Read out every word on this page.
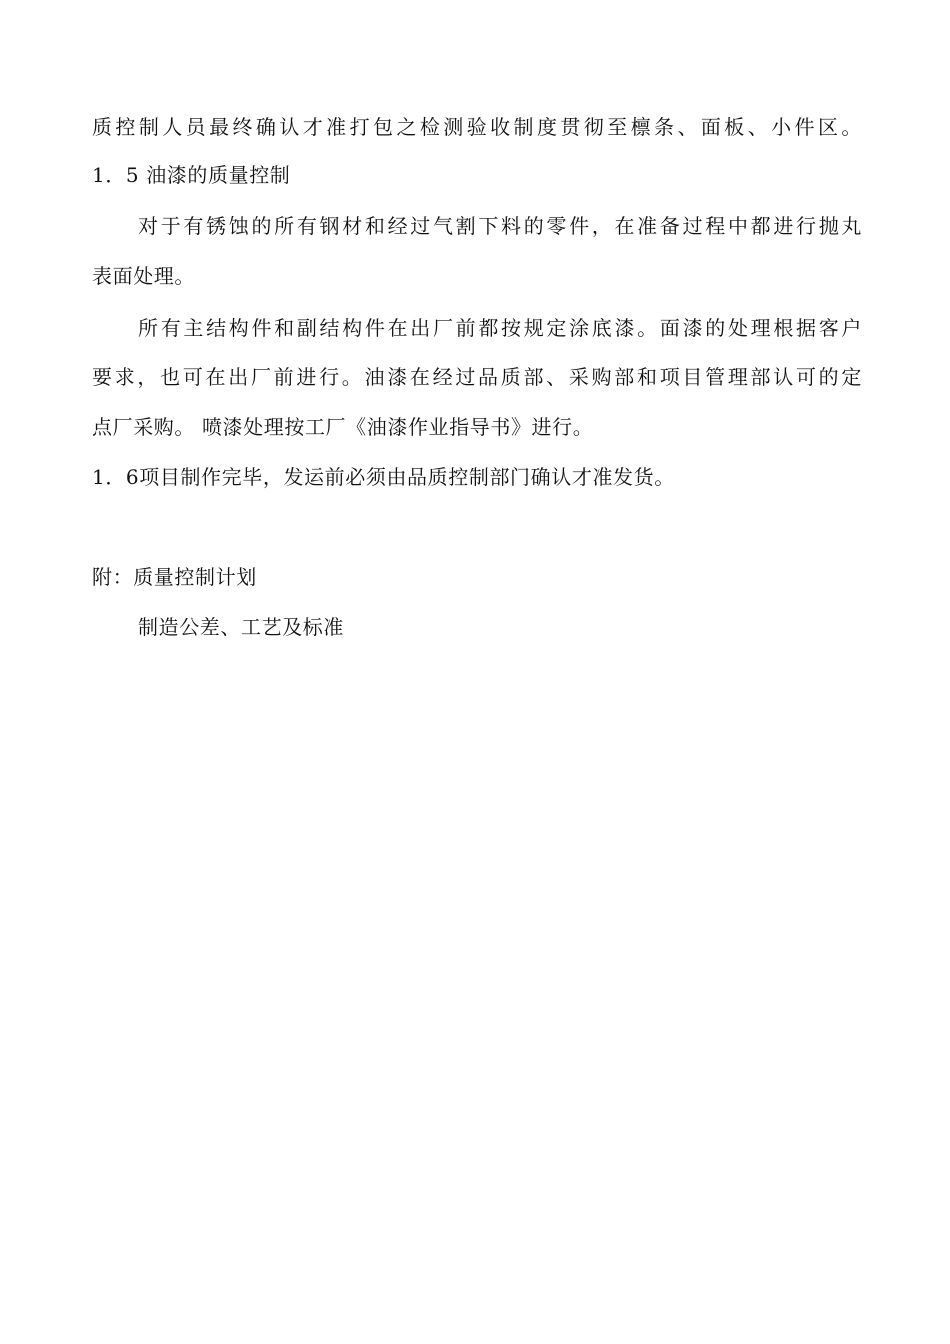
质控制人员最终确认才准打包之检测验收制度贯彻至檩条、面板、小件区。
1．5 油漆的质量控制
对于有锈蚀的所有钢材和经过气割下料的零件，在准备过程中都进行抛丸
表面处理。
所有主结构件和副结构件在出厂前都按规定涂底漆。面漆的处理根据客户
要求，也可在出厂前进行。油漆在经过品质部、采购部和项目管理部认可的定
点厂采购。 喷漆处理按工厂《油漆作业指导书》进行。
1．6项目制作完毕，发运前必须由品质控制部门确认才准发货。
附：质量控制计划
制造公差、工艺及标准
